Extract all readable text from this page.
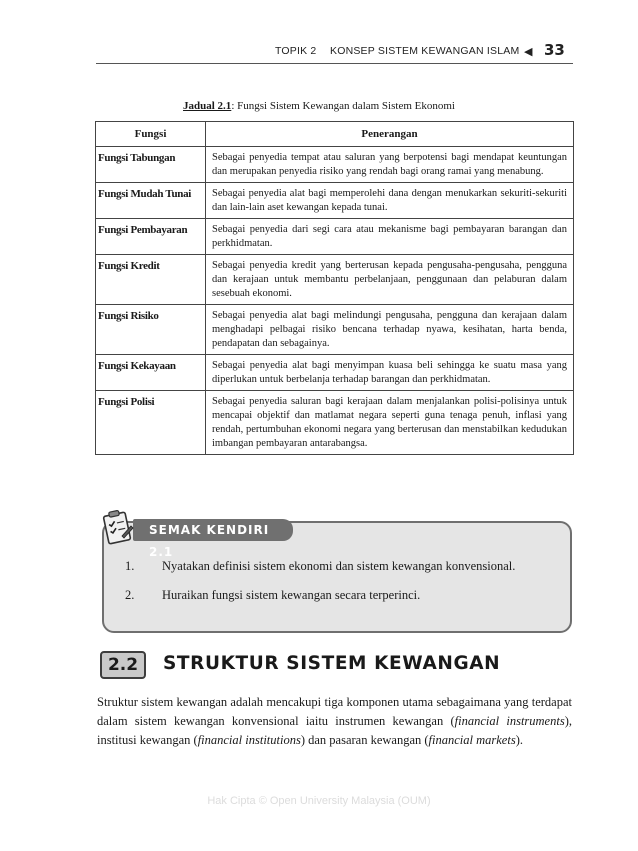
TOPIK 2 KONSEP SISTEM KEWANGAN ISLAM ◀ 33
Jadual 2.1: Fungsi Sistem Kewangan dalam Sistem Ekonomi
Fungsi	Penerangan
Fungsi Tabungan	Sebagai penyedia tempat atau saluran yang berpotensi bagi mendapat keuntungan dan merupakan penyedia risiko yang rendah bagi orang ramai yang menabung.
Fungsi Mudah Tunai	Sebagai penyedia alat bagi memperolehi dana dengan menukarkan sekuriti-sekuriti dan lain-lain aset kewangan kepada tunai.
Fungsi Pembayaran	Sebagai penyedia dari segi cara atau mekanisme bagi pembayaran barangan dan perkhidmatan.
Fungsi Kredit	Sebagai penyedia kredit yang berterusan kepada pengusaha-pengusaha, pengguna dan kerajaan untuk membantu perbelanjaan, penggunaan dan pelaburan dalam sesebuah ekonomi.
Fungsi Risiko	Sebagai penyedia alat bagi melindungi pengusaha, pengguna dan kerajaan dalam menghadapi pelbagai risiko bencana terhadap nyawa, kesihatan, harta benda, pendapatan dan sebagainya.
Fungsi Kekayaan	Sebagai penyedia alat bagi menyimpan kuasa beli sehingga ke suatu masa yang diperlukan untuk berbelanja terhadap barangan dan perkhidmatan.
Fungsi Polisi	Sebagai penyedia saluran bagi kerajaan dalam menjalankan polisi-polisinya untuk mencapai objektif dan matlamat negara seperti guna tenaga penuh, inflasi yang rendah, pertumbuhan ekonomi negara yang berterusan dan menstabilkan kedudukan imbangan pembayaran antarabangsa.
SEMAK KENDIRI 2.1
1. Nyatakan definisi sistem ekonomi dan sistem kewangan konvensional.
2. Huraikan fungsi sistem kewangan secara terperinci.
2.2	STRUKTUR SISTEM KEWANGAN
Struktur sistem kewangan adalah mencakupi tiga komponen utama sebagaimana yang terdapat dalam sistem kewangan konvensional iaitu instrumen kewangan (financial instruments), institusi kewangan (financial institutions) dan pasaran kewangan (financial markets).
Hak Cipta © Open University Malaysia (OUM)
